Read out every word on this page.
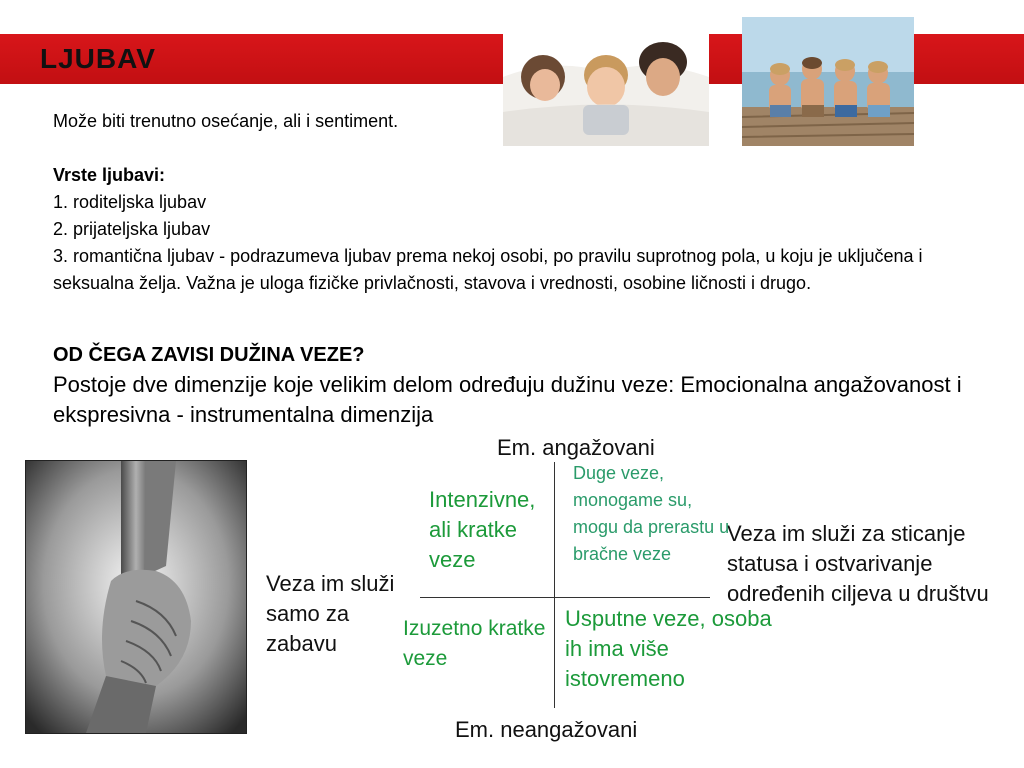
LJUBAV
Može biti trenutno osećanje, ali i sentiment.
Vrste ljubavi:
1. roditeljska ljubav
2. prijateljska ljubav
3. romantična ljubav - podrazumeva ljubav prema nekoj osobi, po pravilu suprotnog pola, u koju je uključena i seksualna želja. Važna je uloga fizičke privlačnosti, stavova i vrednosti, osobine ličnosti i drugo.
OD ČEGA ZAVISI DUŽINA VEZE?
Postoje dve dimenzije koje velikim delom određuju dužinu veze: Emocionalna angažovanost i ekspresivna - instrumentalna dimenzija
Em. angažovani
Em. neangažovani
Veza im služi samo za zabavu
Veza im služi za sticanje statusa i ostvarivanje određenih ciljeva u društvu
Intenzivne, ali kratke veze
Duge veze, monogame su, mogu da prerastu u bračne veze
Izuzetno kratke veze
Usputne veze, osoba ih ima više istovremeno
